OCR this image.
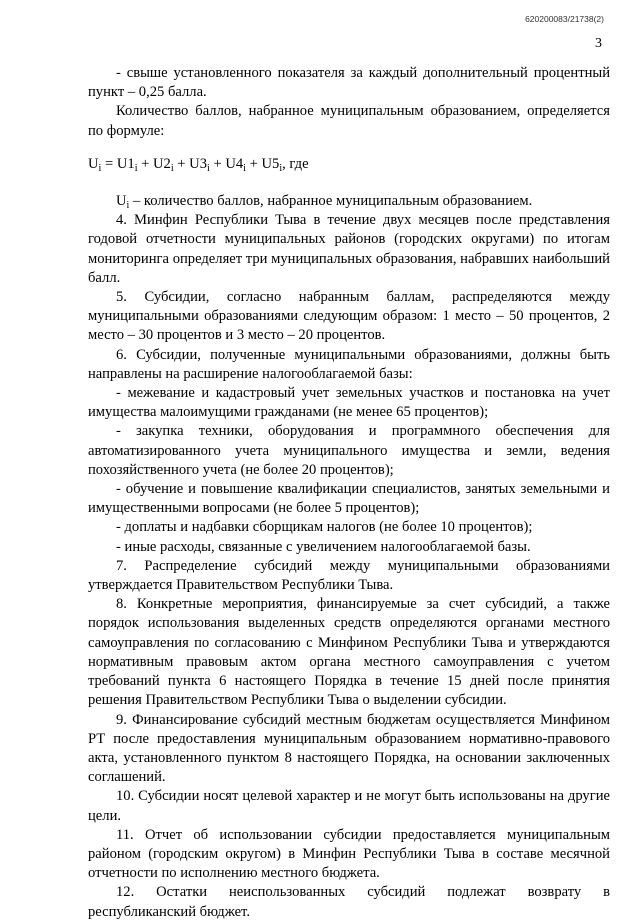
620200083/21738(2)
3

- свыше установленного показателя за каждый дополнительный процентный пункт – 0,25 балла.

Количество баллов, набранное муниципальным образованием, определяется по формуле:

$U_i = U1_i + U2_i + U3_i + U4_i + U5_i$, где

$U_i$ – количество баллов, набранное муниципальным образованием.

4. Минфин Республики Тыва в течение двух месяцев после представления годовой отчетности муниципальных районов (городских округами) по итогам мониторинга определяет три муниципальных образования, набравших наибольший балл.

5. Субсидии, согласно набранным баллам, распределяются между муниципальными образованиями следующим образом: 1 место – 50 процентов, 2 место – 30 процентов и 3 место – 20 процентов.

6. Субсидии, полученные муниципальными образованиями, должны быть направлены на расширение налогооблагаемой базы:

- межевание и кадастровый учет земельных участков и постановка на учет имущества малоимущими гражданами (не менее 65 процентов);

- закупка техники, оборудования и программного обеспечения для автоматизированного учета муниципального имущества и земли, ведения похозяйственного учета (не более 20 процентов);

- обучение и повышение квалификации специалистов, занятых земельными и имущественными вопросами (не более 5 процентов);

- доплаты и надбавки сборщикам налогов (не более 10 процентов);

- иные расходы, связанные с увеличением налогооблагаемой базы.

7. Распределение субсидий между муниципальными образованиями утверждается Правительством Республики Тыва.

8. Конкретные мероприятия, финансируемые за счет субсидий, а также порядок использования выделенных средств определяются органами местного самоуправления по согласованию с Минфином Республики Тыва и утверждаются нормативным правовым актом органа местного самоуправления с учетом требований пункта 6 настоящего Порядка в течение 15 дней после принятия решения Правительством Республики Тыва о выделении субсидии.

9. Финансирование субсидий местным бюджетам осуществляется Минфином РТ после предоставления муниципальным образованием нормативно-правового акта, установленного пунктом 8 настоящего Порядка, на основании заключенных соглашений.

10. Субсидии носят целевой характер и не могут быть использованы на другие цели.

11. Отчет об использовании субсидии предоставляется муниципальным районом (городским округом) в Минфин Республики Тыва в составе месячной отчетности по исполнению местного бюджета.

12. Остатки неиспользованных субсидий подлежат возврату в республиканский бюджет.
